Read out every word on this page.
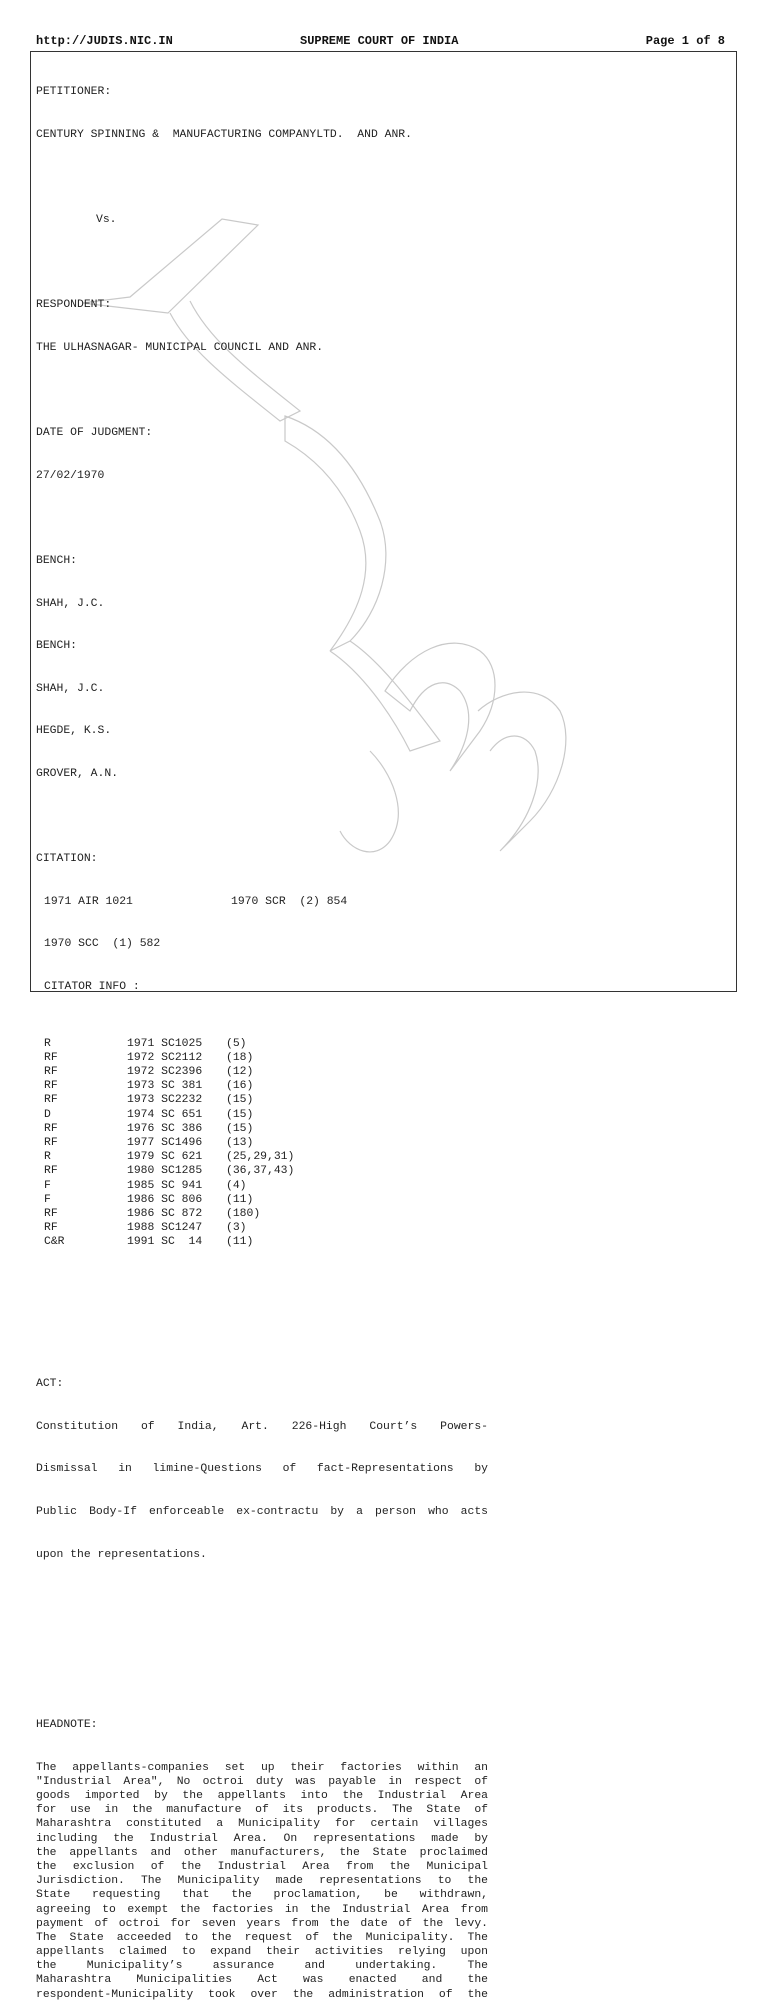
http://JUDIS.NIC.IN	SUPREME COURT OF INDIA	Page 1 of 8

PETITIONER:

CENTURY SPINNING &  MANUFACTURING COMPANYLTD.  AND ANR.

Vs.

RESPONDENT:

THE ULHASNAGAR- MUNICIPAL COUNCIL AND ANR.

DATE OF JUDGMENT:

27/02/1970

BENCH:

SHAH, J.C.

BENCH:

SHAH, J.C.

HEGDE, K.S.

GROVER, A.N.

CITATION:

1971 AIR 1021

	1970 SCR  (2) 854

1970 SCC  (1) 582

CITATOR INFO :

R	1971 SC1025 (5)
RF	1972 SC2112 (18)
RF	1972 SC2396 (12)
RF	1973 SC 381 (16)
RF	1973 SC2232 (15)
D	1974 SC 651 (15)
RF	1976 SC 386 (15)
RF	1977 SC1496 (13)
R	1979 SC 621 (25,29,31)
RF	1980 SC1285 (36,37,43)
F	1985 SC 941 (4)
F	1986 SC 806 (11)
RF	1986 SC 872 (180)
RF	1988 SC1247 (3)
C&R	1991 SC  14 (11)

ACT:

Constitution of India, Art. 226-High Court’s Powers-

Dismissal in limine-Questions of fact-Representations by

Public Body-If enforceable ex-contractu by a person who acts

upon the representations.

HEADNOTE:

The appellants-companies set up their factories within an
"Industrial Area", No octroi duty was payable in respect of
goods imported by the appellants into the Industrial Area
for use in the manufacture of its products. The State of
Maharashtra constituted a Municipality for certain villages
including the Industrial Area. On representations made by
the appellants and other manufacturers, the State proclaimed
the exclusion of the Industrial Area from the Municipal
Jurisdiction. The Municipality made representations to the
State requesting that the proclamation, be withdrawn,
agreeing to exempt the factories in the Industrial Area from
payment of octroi for seven years from the date of the levy.
The State acceeded to the request of the Municipality. The
appellants claimed to expand their activities relying upon
the Municipality’s assurance and undertaking. The
Maharashtra Municipalities Act was enacted and the
respondent-Municipality took over the administration of the
